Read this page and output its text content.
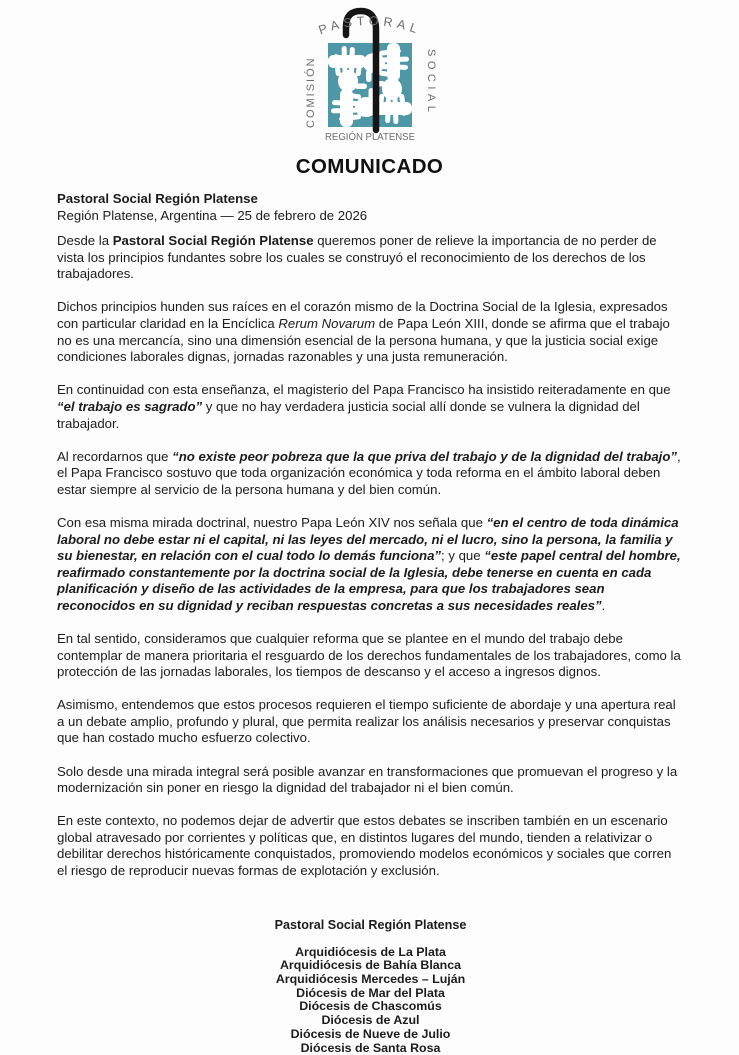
PASTORAL
COMISIÓN	SOCIAL
REGIÓN PLATENSE
COMUNICADO
Pastoral Social Región Platense
Región Platense, Argentina — 25 de febrero de 2026

Desde la Pastoral Social Región Platense queremos poner de relieve la importancia de no perder de vista los principios fundantes sobre los cuales se construyó el reconocimiento de los derechos de los trabajadores.

Dichos principios hunden sus raíces en el corazón mismo de la Doctrina Social de la Iglesia, expresados con particular claridad en la Encíclica Rerum Novarum de Papa León XIII, donde se afirma que el trabajo no es una mercancía, sino una dimensión esencial de la persona humana, y que la justicia social exige condiciones laborales dignas, jornadas razonables y una justa remuneración.

En continuidad con esta enseñanza, el magisterio del Papa Francisco ha insistido reiteradamente en que “el trabajo es sagrado” y que no hay verdadera justicia social allí donde se vulnera la dignidad del trabajador.

Al recordarnos que “no existe peor pobreza que la que priva del trabajo y de la dignidad del trabajo”, el Papa Francisco sostuvo que toda organización económica y toda reforma en el ámbito laboral deben estar siempre al servicio de la persona humana y del bien común.

Con esa misma mirada doctrinal, nuestro Papa León XIV nos señala que “en el centro de toda dinámica laboral no debe estar ni el capital, ni las leyes del mercado, ni el lucro, sino la persona, la familia y su bienestar, en relación con el cual todo lo demás funciona”; y que “este papel central del hombre, reafirmado constantemente por la doctrina social de la Iglesia, debe tenerse en cuenta en cada planificación y diseño de las actividades de la empresa, para que los trabajadores sean reconocidos en su dignidad y reciban respuestas concretas a sus necesidades reales”.

En tal sentido, consideramos que cualquier reforma que se plantee en el mundo del trabajo debe contemplar de manera prioritaria el resguardo de los derechos fundamentales de los trabajadores, como la protección de las jornadas laborales, los tiempos de descanso y el acceso a ingresos dignos.

Asimismo, entendemos que estos procesos requieren el tiempo suficiente de abordaje y una apertura real a un debate amplio, profundo y plural, que permita realizar los análisis necesarios y preservar conquistas que han costado mucho esfuerzo colectivo.

Solo desde una mirada integral será posible avanzar en transformaciones que promuevan el progreso y la modernización sin poner en riesgo la dignidad del trabajador ni el bien común.

En este contexto, no podemos dejar de advertir que estos debates se inscriben también en un escenario global atravesado por corrientes y políticas que, en distintos lugares del mundo, tienden a relativizar o debilitar derechos históricamente conquistados, promoviendo modelos económicos y sociales que corren el riesgo de reproducir nuevas formas de explotación y exclusión.

Pastoral Social Región Platense
Arquidiócesis de La Plata
Arquidiócesis de Bahía Blanca
Arquidiócesis Mercedes – Luján
Diócesis de Mar del Plata
Diócesis de Chascomús
Diócesis de Azul
Diócesis de Nueve de Julio
Diócesis de Santa Rosa
